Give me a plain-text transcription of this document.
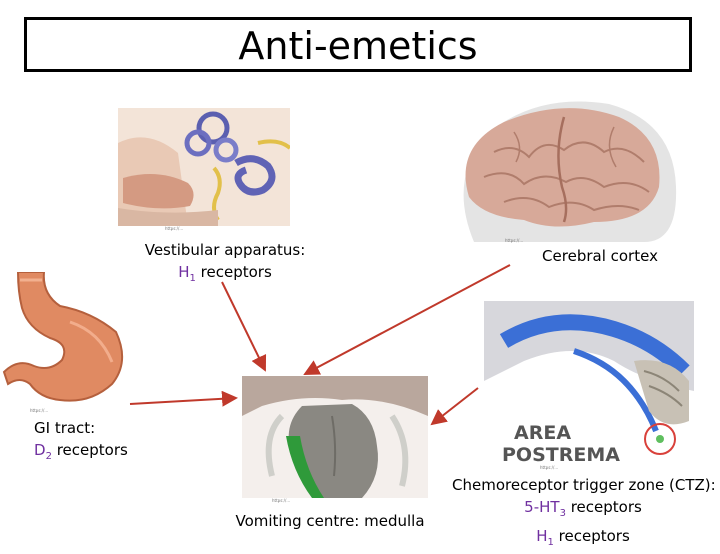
Anti-emetics
https://...
Vestibular apparatus:
$H_1$ receptors
https://...
Cerebral cortex
https://...
GI tract:
$D_2$ receptors
https://...
Vomiting centre: medulla
AREA
POSTREMA
https://...
Chemoreceptor trigger zone (CTZ):
$5-HT_3$ receptors
$H_1$ receptors
